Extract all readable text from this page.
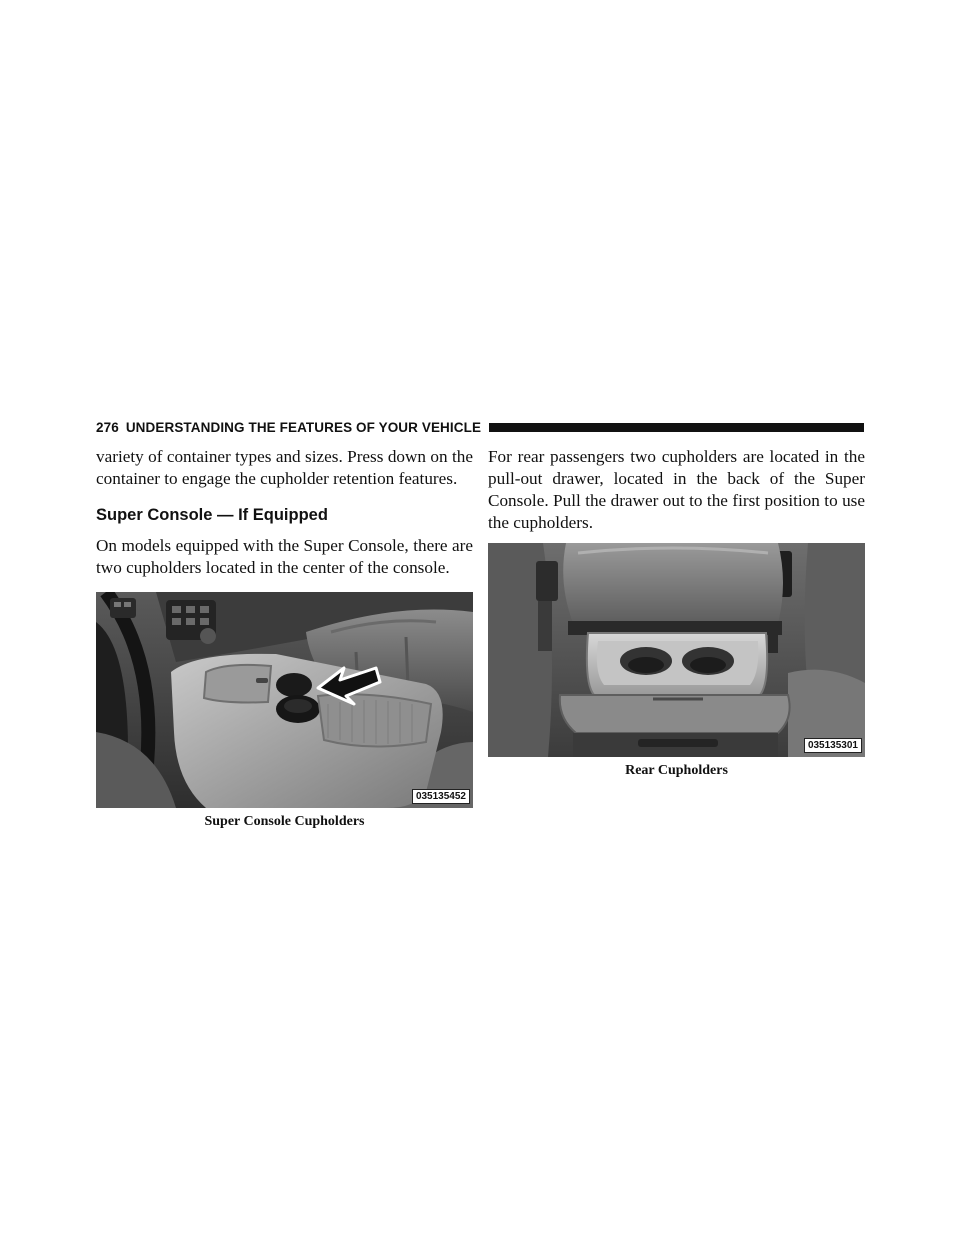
276 UNDERSTANDING THE FEATURES OF YOUR VEHICLE

variety of container types and sizes. Press down on the container to engage the cupholder retention features.

Super Console — If Equipped

On models equipped with the Super Console, there are two cupholders located in the center of the console.

035135452
Super Console Cupholders

For rear passengers two cupholders are located in the pull-out drawer, located in the back of the Super Console. Pull the drawer out to the first position to use the cupholders.

035135301
Rear Cupholders
